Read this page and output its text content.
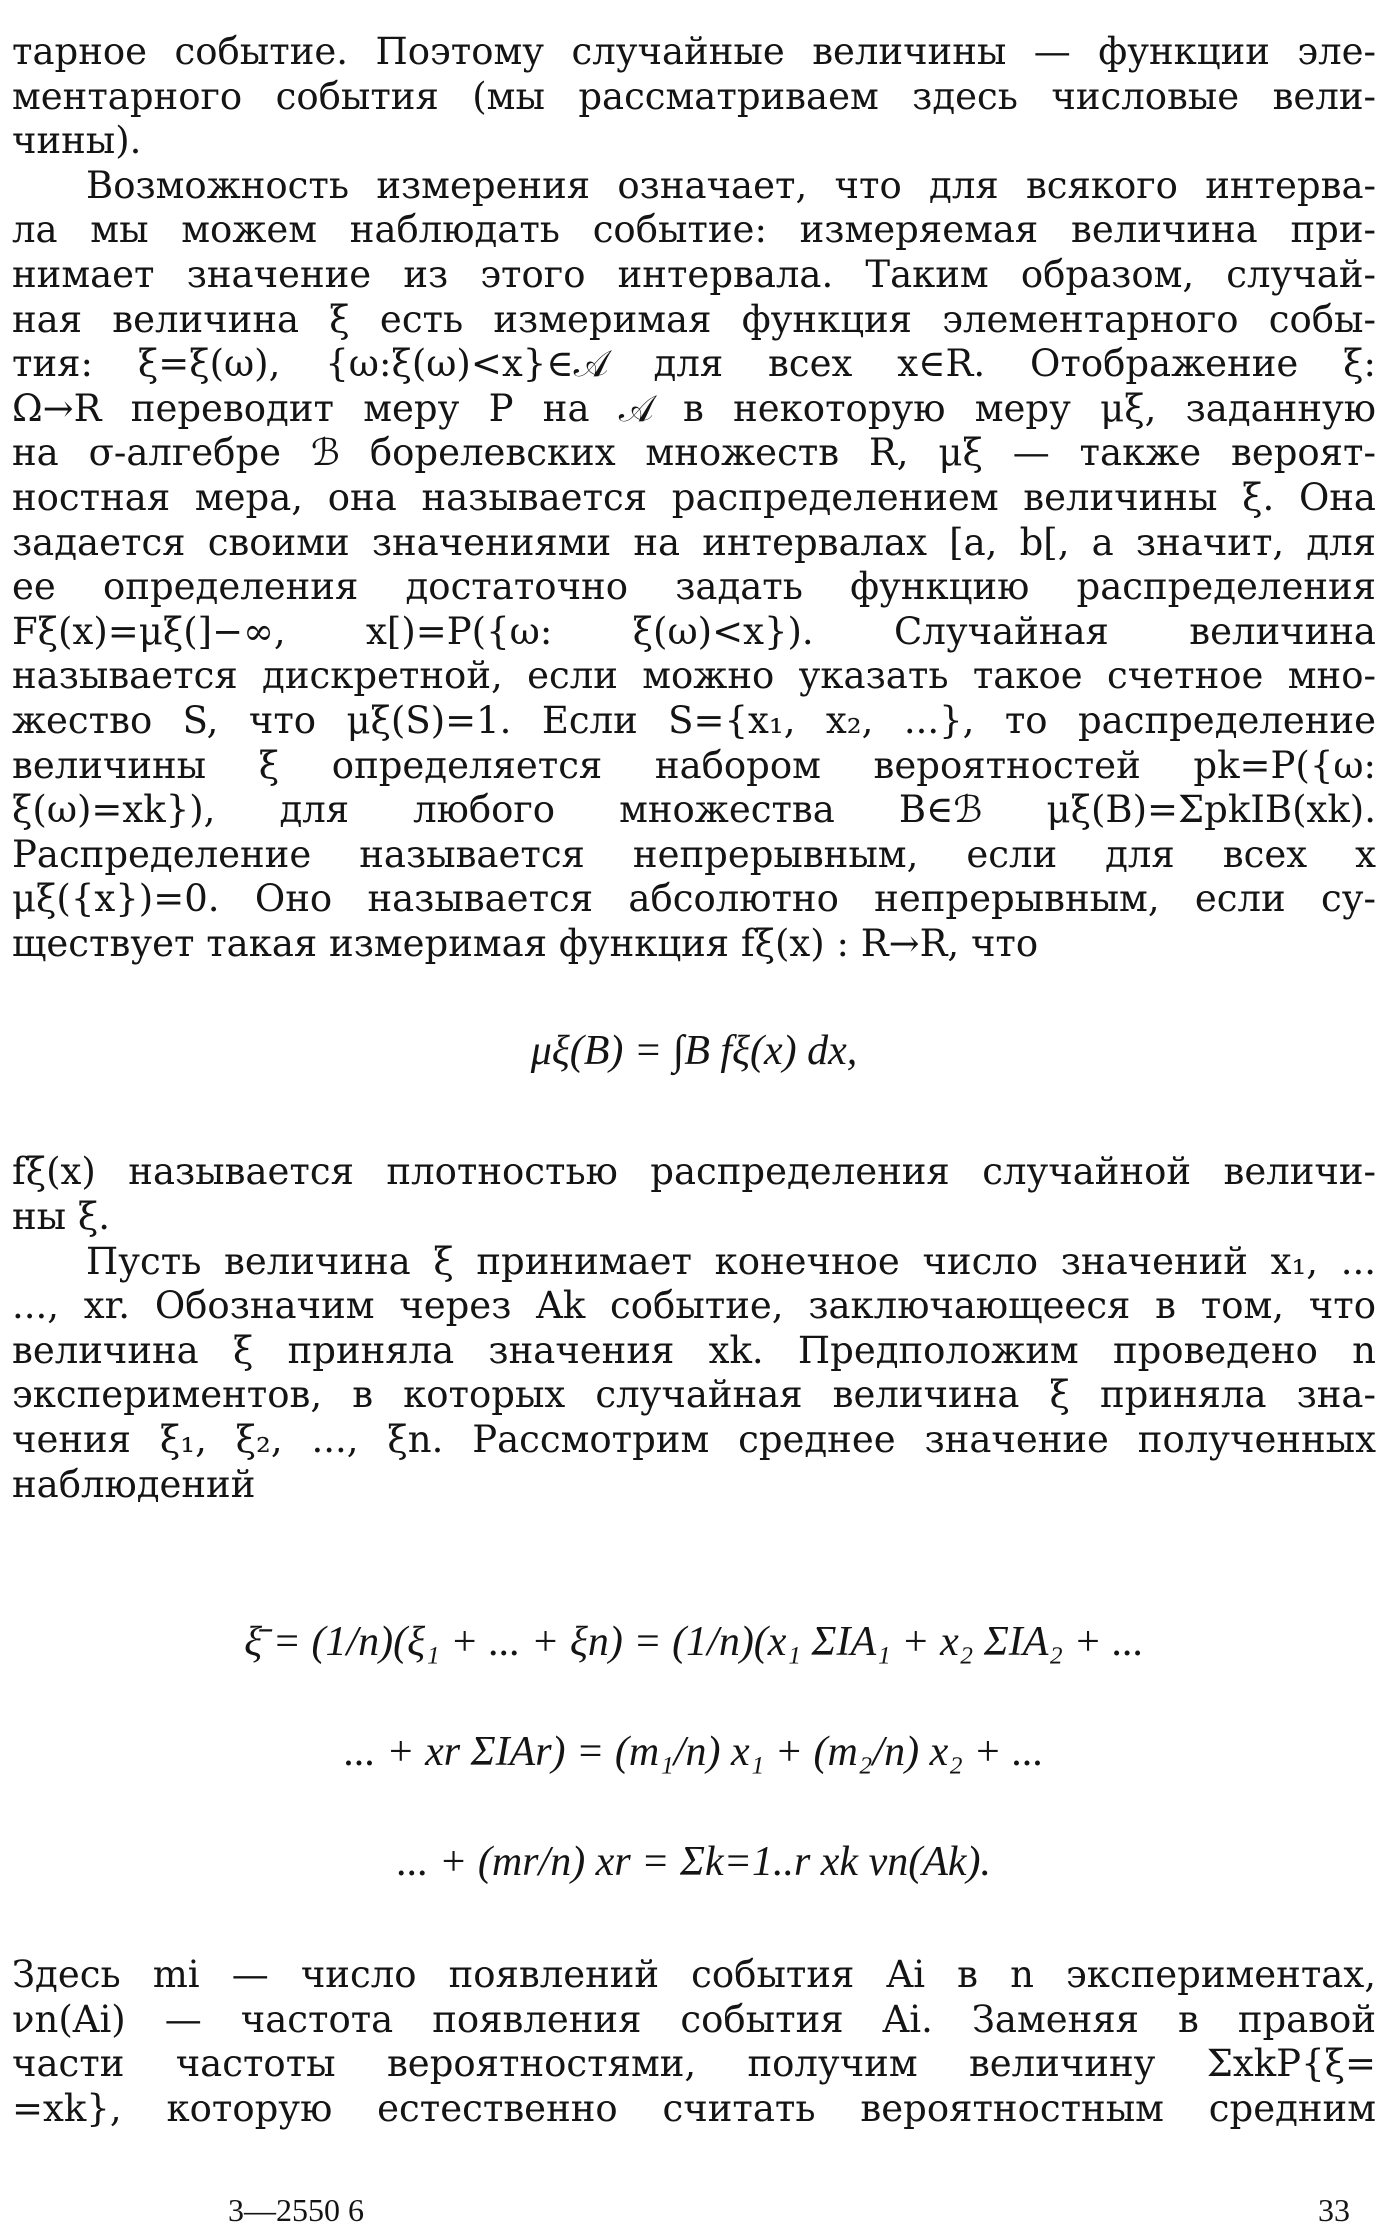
тарное событие. Поэтому случайные величины — функции эле-
ментарного события (мы рассматриваем здесь числовые вели-
чины).
Возможность измерения означает, что для всякого интерва-
ла мы можем наблюдать событие: измеряемая величина при-
нимает значение из этого интервала. Таким образом, случай-
ная величина ξ есть измеримая функция элементарного собы-
тия: ξ=ξ(ω), {ω:ξ(ω)<x}∈𝒜 для всех x∈R. Отображение ξ:
Ω→R переводит меру P на 𝒜 в некоторую меру μξ, заданную
на σ-алгебре ℬ борелевских множеств R, μξ — также вероят-
ностная мера, она называется распределением величины ξ. Она
задается своими значениями на интервалах [a, b[, а значит, для
ее определения достаточно задать функцию распределения
Fξ(x)=μξ(]−∞, x[)=P({ω: ξ(ω)<x}). Случайная величина
называется дискретной, если можно указать такое счетное мно-
жество S, что μξ(S)=1. Если S={x₁, x₂, ...}, то распределение
величины ξ определяется набором вероятностей pk=P({ω:
ξ(ω)=xk}), для любого множества B∈ℬ μξ(B)=ΣpkIB(xk).
Распределение называется непрерывным, если для всех x
μξ({x})=0. Оно называется абсолютно непрерывным, если су-
ществует такая измеримая функция fξ(x) : R→R, что
μξ(B) = ∫B fξ(x) dx,
fξ(x) называется плотностью распределения случайной величи-
ны ξ.
Пусть величина ξ принимает конечное число значений x₁, ...
..., xr. Обозначим через Ak событие, заключающееся в том, что
величина ξ приняла значения xk. Предположим проведено n
экспериментов, в которых случайная величина ξ приняла зна-
чения ξ₁, ξ₂, ..., ξn. Рассмотрим среднее значение полученных
наблюдений
ξ̄ = (1/n)(ξ₁ + ... + ξn) = (1/n)(x₁ ΣIA₁ + x₂ ΣIA₂ + ...
... + xr ΣIAr) = (m₁/n) x₁ + (m₂/n) x₂ + ...
... + (mr/n) xr = Σk=1..r xk νn(Ak).
Здесь mi — число появлений события Ai в n экспериментах,
νn(Ai) — частота появления события Ai. Заменяя в правой
части частоты вероятностями, получим величину ΣxkP{ξ=
=xk}, которую естественно считать вероятностным средним
3—2550 6	33
